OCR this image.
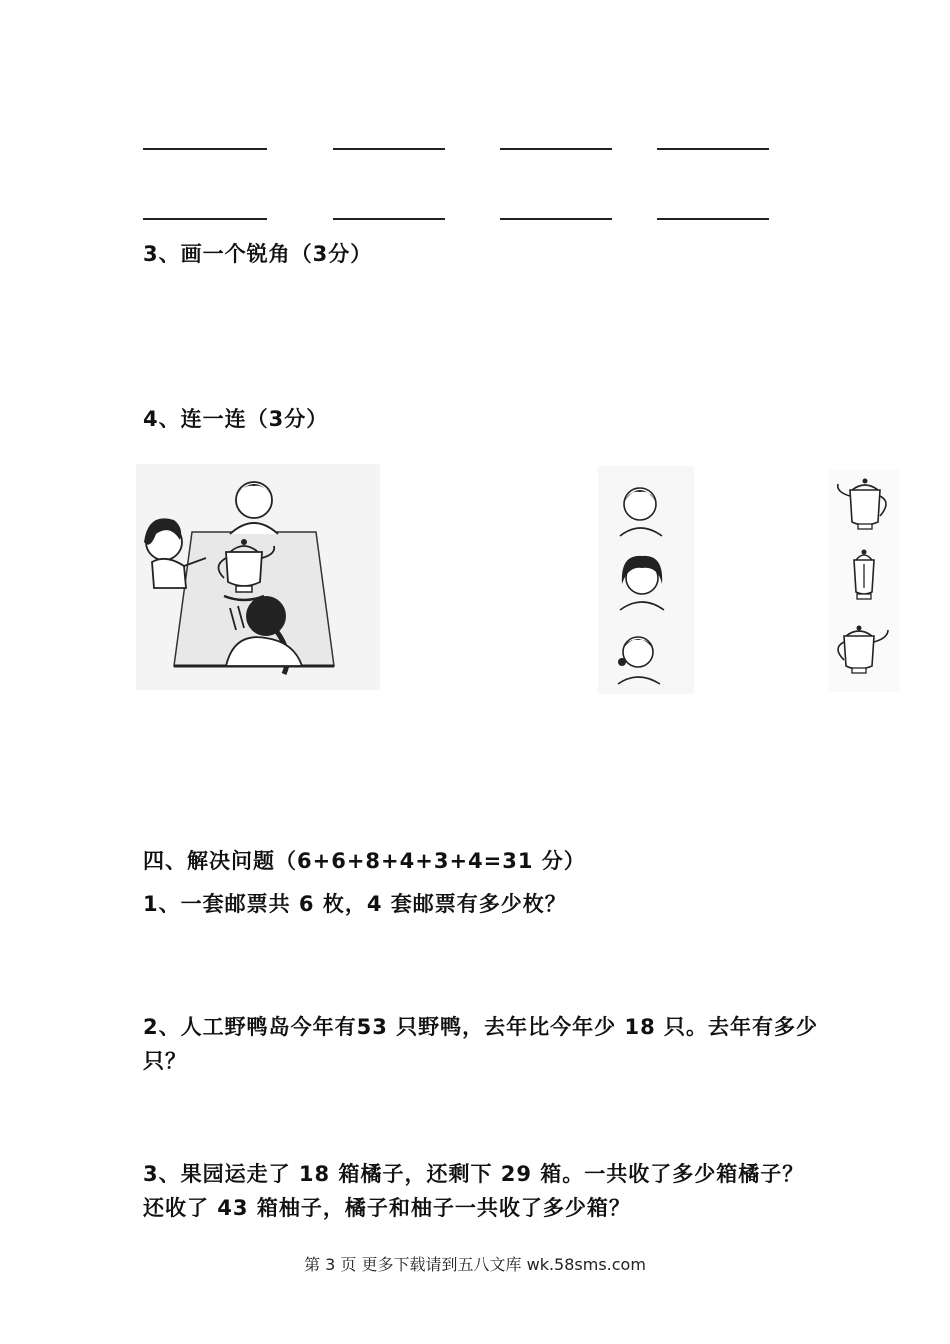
3、画一个锐角（3分）
4、连一连（3分）
四、解决问题（6+6+8+4+3+4=31 分）
1、一套邮票共 6 枚，4 套邮票有多少枚？
2、人工野鸭岛今年有53 只野鸭，去年比今年少 18 只。去年有多少只？
3、果园运走了 18 箱橘子，还剩下 29 箱。一共收了多少箱橘子？还收了 43 箱柚子，橘子和柚子一共收了多少箱？
第 3 页 更多下载请到五八文库 wk.58sms.com
